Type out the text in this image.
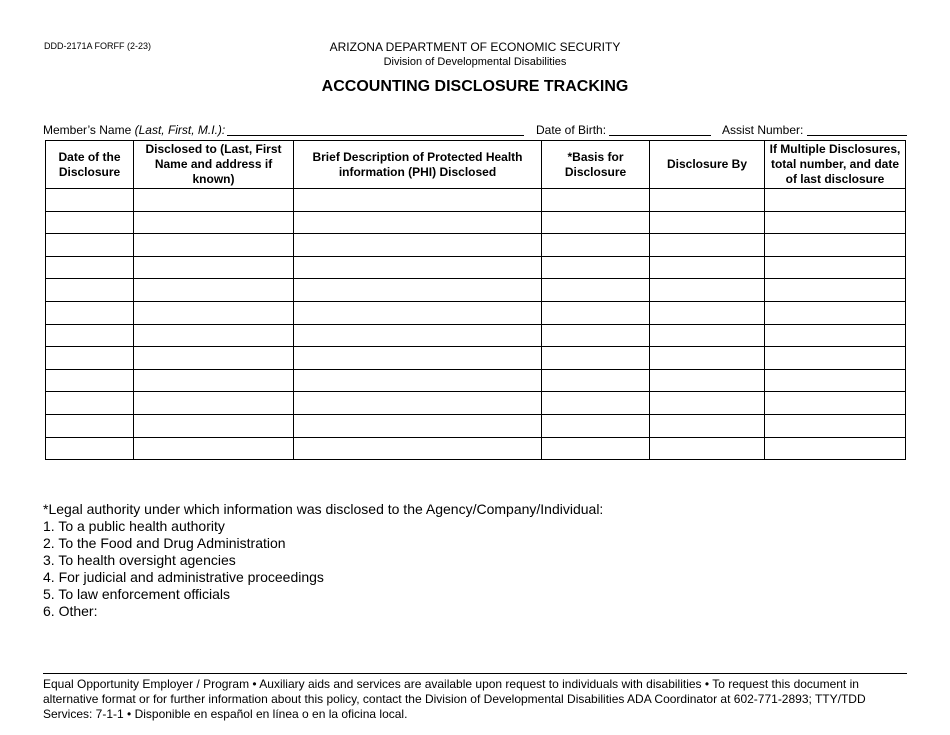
DDD-2171A FORFF (2-23)	ARIZONA DEPARTMENT OF ECONOMIC SECURITY
Division of Developmental Disabilities
ACCOUNTING DISCLOSURE TRACKING
Member’s Name (Last, First, M.I.):	Date of Birth:	Assist Number:
Date of the Disclosure	Disclosed to (Last, First Name and address if known)	Brief Description of Protected Health information (PHI) Disclosed	*Basis for Disclosure	Disclosure By	If Multiple Disclosures, total number, and date of last disclosure

*Legal authority under which information was disclosed to the Agency/Company/Individual:
1. To a public health authority
2. To the Food and Drug Administration
3. To health oversight agencies
4. For judicial and administrative proceedings
5. To law enforcement officials
6. Other:
Equal Opportunity Employer / Program • Auxiliary aids and services are available upon request to individuals with disabilities • To request this document in alternative format or for further information about this policy, contact the Division of Developmental Disabilities ADA Coordinator at 602-771-2893; TTY/TDD Services: 7-1-1 • Disponible en español en línea o en la oficina local.
